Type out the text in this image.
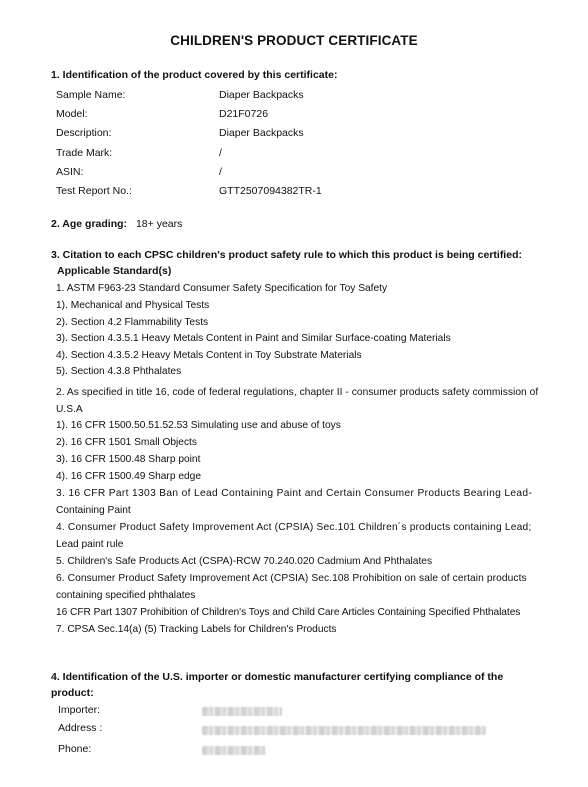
CHILDREN'S PRODUCT CERTIFICATE
1. Identification of the product covered by this certificate:
Sample Name:	Diaper Backpacks
Model:	D21F0726
Description:	Diaper Backpacks
Trade Mark:	/
ASIN:	/
Test Report No.:	GTT2507094382TR-1
2. Age grading: 18+ years
3. Citation to each CPSC children's product safety rule to which this product is being certified:
Applicable Standard(s)
1. ASTM F963-23 Standard Consumer Safety Specification for Toy Safety
1). Mechanical and Physical Tests
2). Section 4.2 Flammability Tests
3). Section 4.3.5.1 Heavy Metals Content in Paint and Similar Surface-coating Materials
4). Section 4.3.5.2 Heavy Metals Content in Toy Substrate Materials
5). Section 4.3.8 Phthalates
2. As specified in title 16, code of federal regulations, chapter II - consumer products safety commission of
U.S.A
1). 16 CFR 1500.50.51.52.53 Simulating use and abuse of toys
2). 16 CFR 1501 Small Objects
3). 16 CFR 1500.48 Sharp point
4). 16 CFR 1500.49 Sharp edge
3. 16 CFR Part 1303 Ban of Lead Containing Paint and Certain Consumer Products Bearing Lead-
Containing Paint
4. Consumer Product Safety Improvement Act (CPSIA) Sec.101 Children´s products containing Lead;
Lead paint rule
5. Children's Safe Products Act (CSPA)-RCW 70.240.020 Cadmium And Phthalates
6. Consumer Product Safety Improvement Act (CPSIA) Sec.108 Prohibition on sale of certain products
containing specified phthalates
16 CFR Part 1307 Prohibition of Children's Toys and Child Care Articles Containing Specified Phthalates
7. CPSA Sec.14(a) (5) Tracking Labels for Children's Products
4. Identification of the U.S. importer or domestic manufacturer certifying compliance of the
product:
Importer:
Address :
Phone:
